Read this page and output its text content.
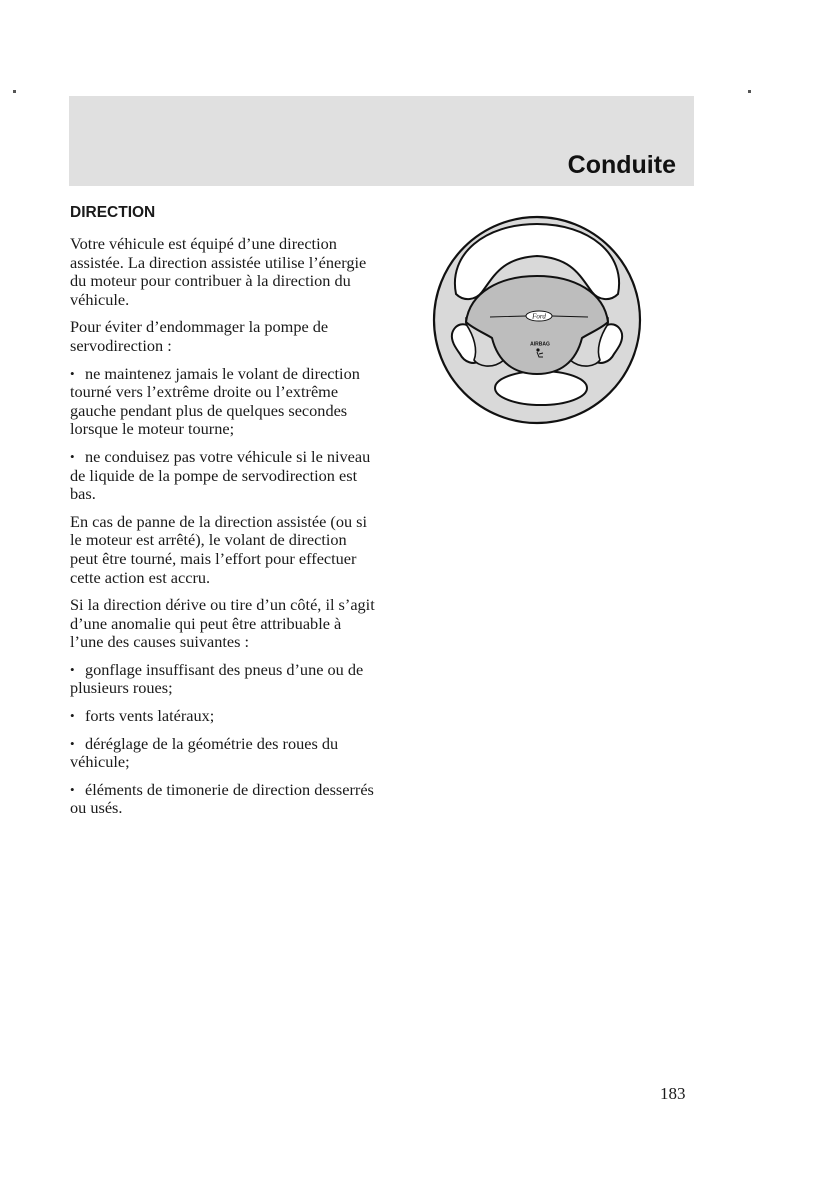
Conduite
DIRECTION
Votre véhicule est équipé d’une direction assistée. La direction assistée utilise l’énergie du moteur pour contribuer à la direction du véhicule.
Pour éviter d’endommager la pompe de servodirection :
• ne maintenez jamais le volant de direction tourné vers l’extrême droite ou l’extrême gauche pendant plus de quelques secondes lorsque le moteur tourne;
• ne conduisez pas votre véhicule si le niveau de liquide de la pompe de servodirection est bas.
En cas de panne de la direction assistée (ou si le moteur est arrêté), le volant de direction peut être tourné, mais l’effort pour effectuer cette action est accru.
Si la direction dérive ou tire d’un côté, il s’agit d’une anomalie qui peut être attribuable à l’une des causes suivantes :
• gonflage insuffisant des pneus d’une ou de plusieurs roues;
• forts vents latéraux;
• déréglage de la géométrie des roues du véhicule;
• éléments de timonerie de direction desserrés ou usés.
Ford
AIRBAG
183
